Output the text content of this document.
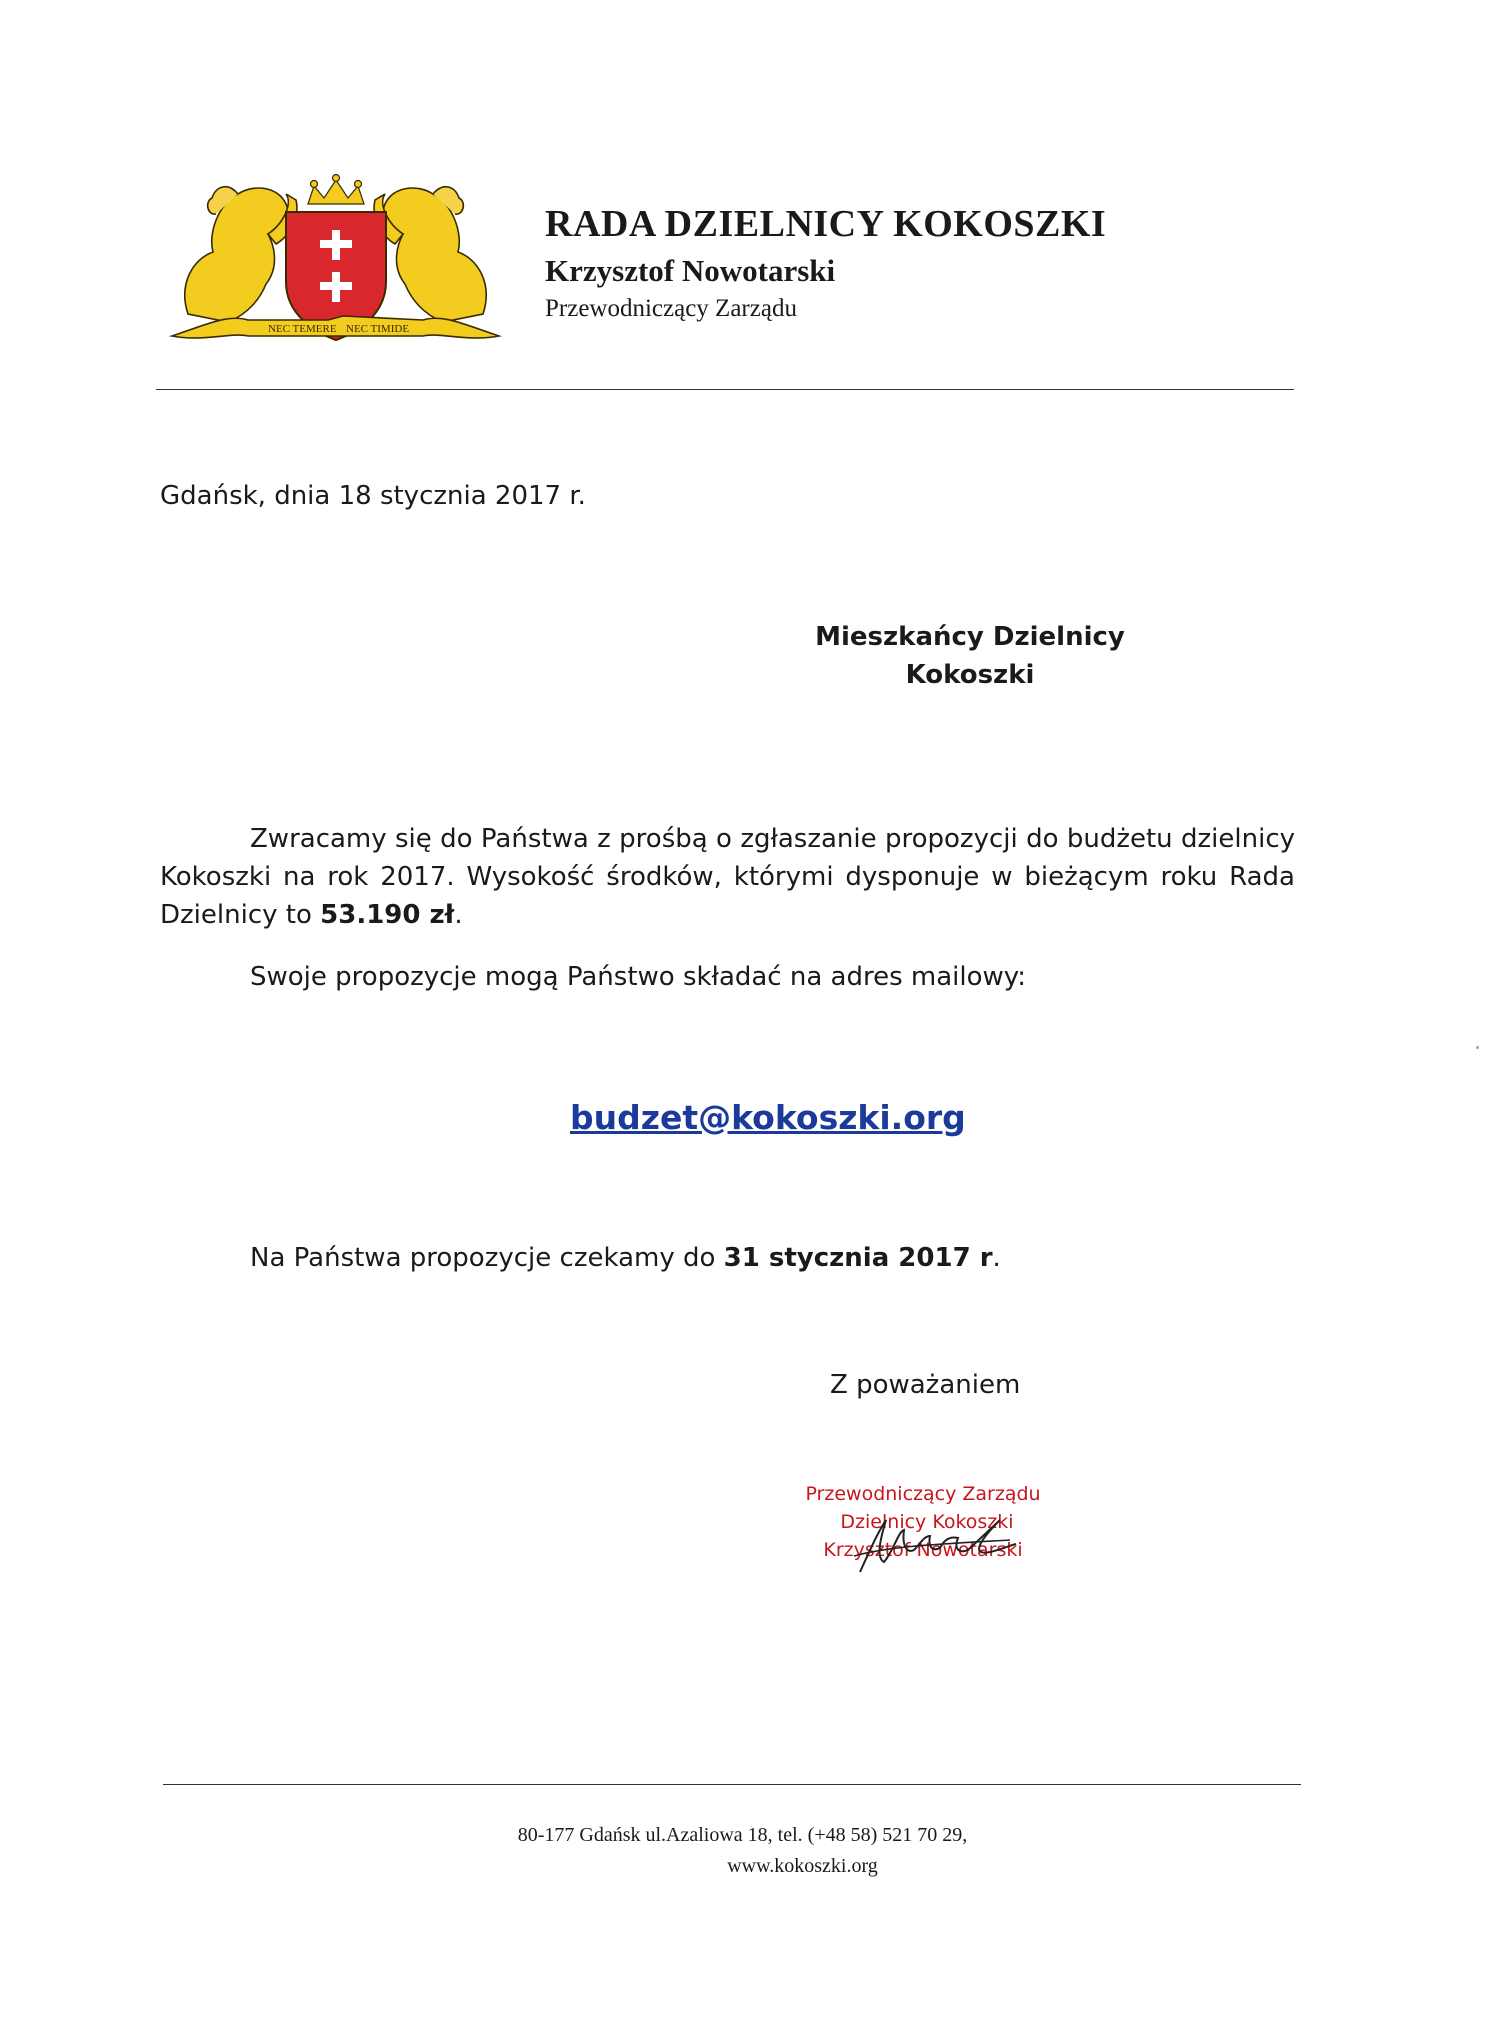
NEC TEMERE NEC TIMIDE
RADA DZIELNICY KOKOSZKI
Krzysztof Nowotarski
Przewodniczący Zarządu
Gdańsk, dnia 18 stycznia 2017 r.
Mieszkańcy Dzielnicy
Kokoszki
Zwracamy się do Państwa z prośbą o zgłaszanie propozycji do budżetu dzielnicy Kokoszki na rok 2017. Wysokość środków, którymi dysponuje w bieżącym roku Rada Dzielnicy to 53.190 zł.
Swoje propozycje mogą Państwo składać na adres mailowy:
budzet@kokoszki.org
Na Państwa propozycje czekamy do 31 stycznia 2017 r.
Z poważaniem
Przewodniczący Zarządu
Dzielnicy Kokoszki
Krzysztof Nowotarski
80-177 Gdańsk ul.Azaliowa 18, tel. (+48 58) 521 70 29,
www.kokoszki.org
